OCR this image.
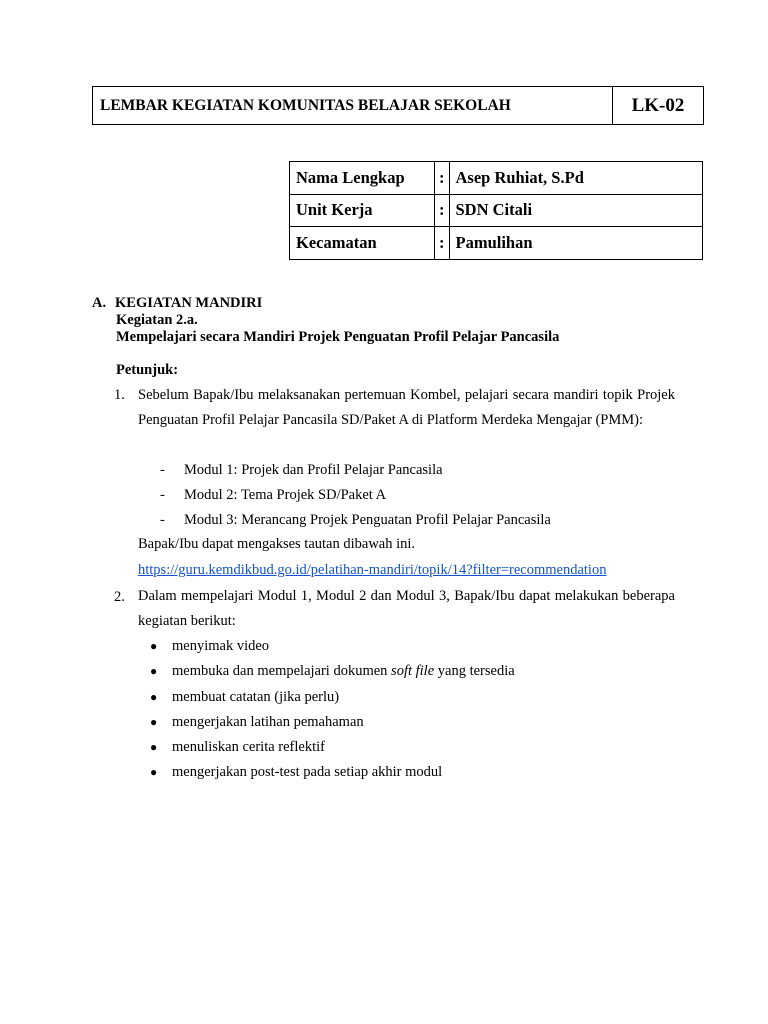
LEMBAR KEGIATAN KOMUNITAS BELAJAR SEKOLAH	LK-02
Nama Lengkap	:	Asep Ruhiat, S.Pd
Unit Kerja	:	SDN Citali
Kecamatan	:	Pamulihan
A. KEGIATAN MANDIRI
Kegiatan 2.a.
Mempelajari secara Mandiri Projek Penguatan Profil Pelajar Pancasila
Petunjuk:
1. Sebelum Bapak/Ibu melaksanakan pertemuan Kombel, pelajari secara mandiri topik Projek Penguatan Profil Pelajar Pancasila SD/Paket A di Platform Merdeka Mengajar (PMM):
- Modul 1: Projek dan Profil Pelajar Pancasila
- Modul 2: Tema Projek SD/Paket A
- Modul 3: Merancang Projek Penguatan Profil Pelajar Pancasila
Bapak/Ibu dapat mengakses tautan dibawah ini.
https://guru.kemdikbud.go.id/pelatihan-mandiri/topik/14?filter=recommendation
2. Dalam mempelajari Modul 1, Modul 2 dan Modul 3, Bapak/Ibu dapat melakukan beberapa kegiatan berikut:
● menyimak video
● membuka dan mempelajari dokumen soft file yang tersedia
● membuat catatan (jika perlu)
● mengerjakan latihan pemahaman
● menuliskan cerita reflektif
● mengerjakan post-test pada setiap akhir modul
